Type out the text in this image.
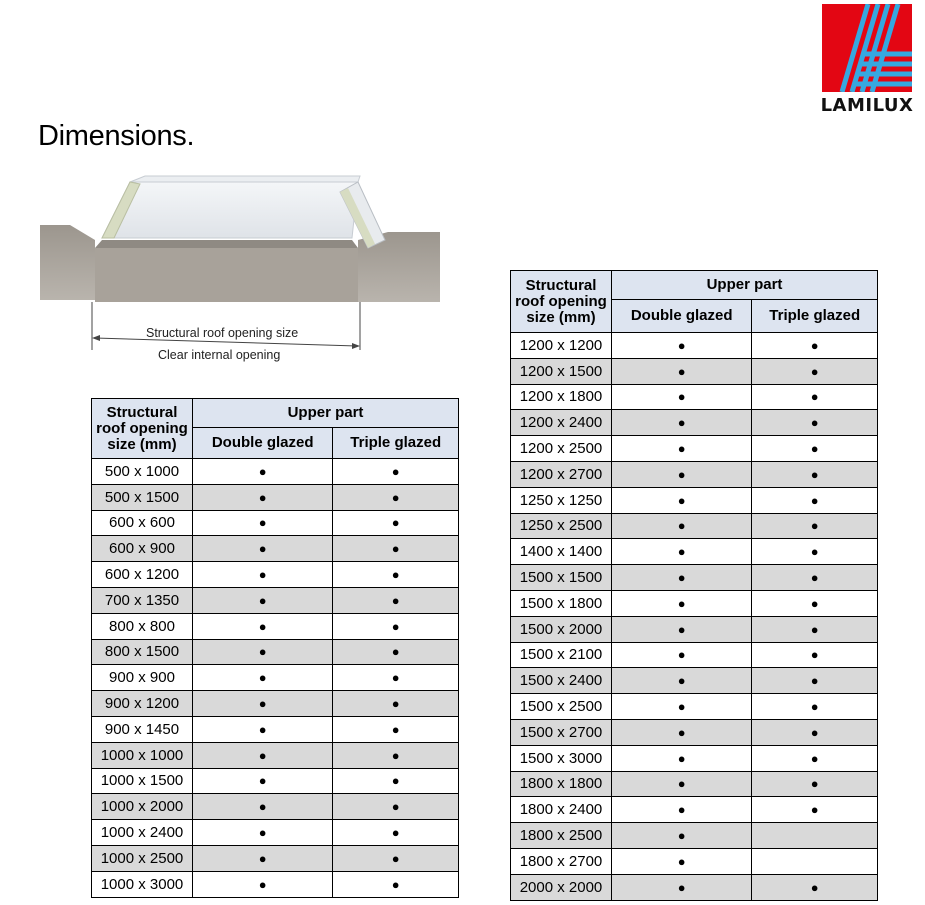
LAMILUX
Dimensions.
Structural roof opening size
Clear internal opening
Structural
roof opening
size (mm)	Upper part	
	Double glazed	Triple glazed
500 x 1000	●	●
500 x 1500	●	●
600 x 600	●	●
600 x 900	●	●
600 x 1200	●	●
700 x 1350	●	●
800 x 800	●	●
800 x 1500	●	●
900 x 900	●	●
900 x 1200	●	●
900 x 1450	●	●
1000 x 1000	●	●
1000 x 1500	●	●
1000 x 2000	●	●
1000 x 2400	●	●
1000 x 2500	●	●
1000 x 3000	●	●
Structural
roof opening
size (mm)	Upper part	
	Double glazed	Triple glazed
1200 x 1200	●	●
1200 x 1500	●	●
1200 x 1800	●	●
1200 x 2400	●	●
1200 x 2500	●	●
1200 x 2700	●	●
1250 x 1250	●	●
1250 x 2500	●	●
1400 x 1400	●	●
1500 x 1500	●	●
1500 x 1800	●	●
1500 x 2000	●	●
1500 x 2100	●	●
1500 x 2400	●	●
1500 x 2500	●	●
1500 x 2700	●	●
1500 x 3000	●	●
1800 x 1800	●	●
1800 x 2400	●	●
1800 x 2500	●	
1800 x 2700	●	
2000 x 2000	●	●
